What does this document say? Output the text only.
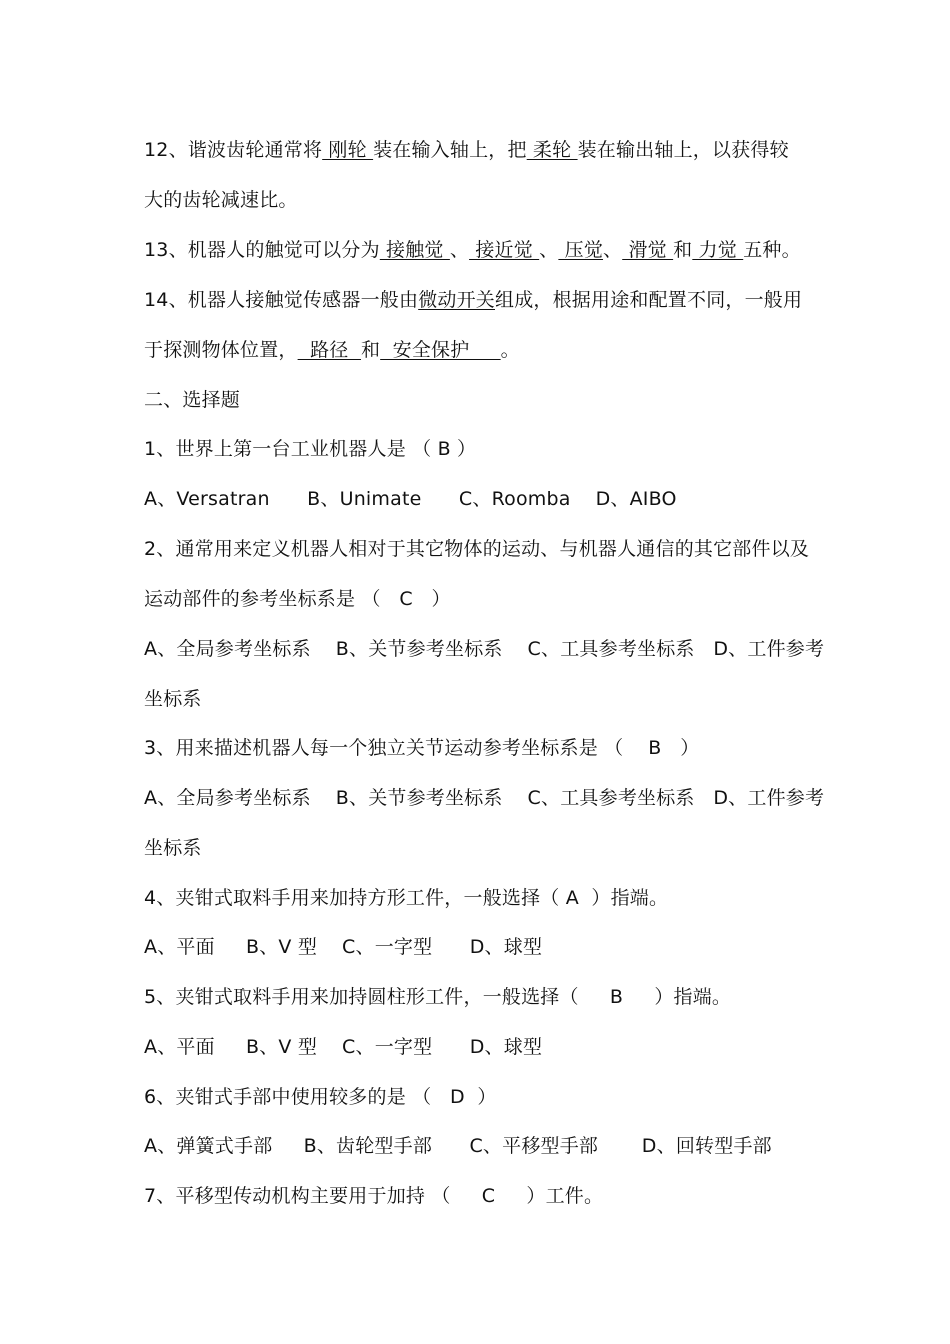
12、谐波齿轮通常将 刚轮 装在输入轴上，把 柔轮 装在输出轴上，以获得较
大的齿轮减速比。
13、机器人的触觉可以分为 接触觉 、 接近觉 、 压觉、 滑觉 和 力觉 五种。
14、机器人接触觉传感器一般由微动开关组成，根据用途和配置不同，一般用
于探测物体位置，  路径  和  安全保护     。
二、选择题
1、世界上第一台工业机器人是 （ B ）
A、Versatran      B、Unimate      C、Roomba    D、AIBO
2、通常用来定义机器人相对于其它物体的运动、与机器人通信的其它部件以及
运动部件的参考坐标系是 （   C   ）
A、全局参考坐标系    B、关节参考坐标系    C、工具参考坐标系   D、工件参考
坐标系
3、用来描述机器人每一个独立关节运动参考坐标系是 （    B   ）
A、全局参考坐标系    B、关节参考坐标系    C、工具参考坐标系   D、工件参考
坐标系
4、夹钳式取料手用来加持方形工件，一般选择（ A  ）指端。
A、平面     B、V 型    C、一字型      D、球型
5、夹钳式取料手用来加持圆柱形工件，一般选择（     B     ）指端。
A、平面     B、V 型    C、一字型      D、球型
6、夹钳式手部中使用较多的是 （   D  ）
A、弹簧式手部     B、齿轮型手部      C、平移型手部       D、回转型手部
7、平移型传动机构主要用于加持 （     C     ）工件。
